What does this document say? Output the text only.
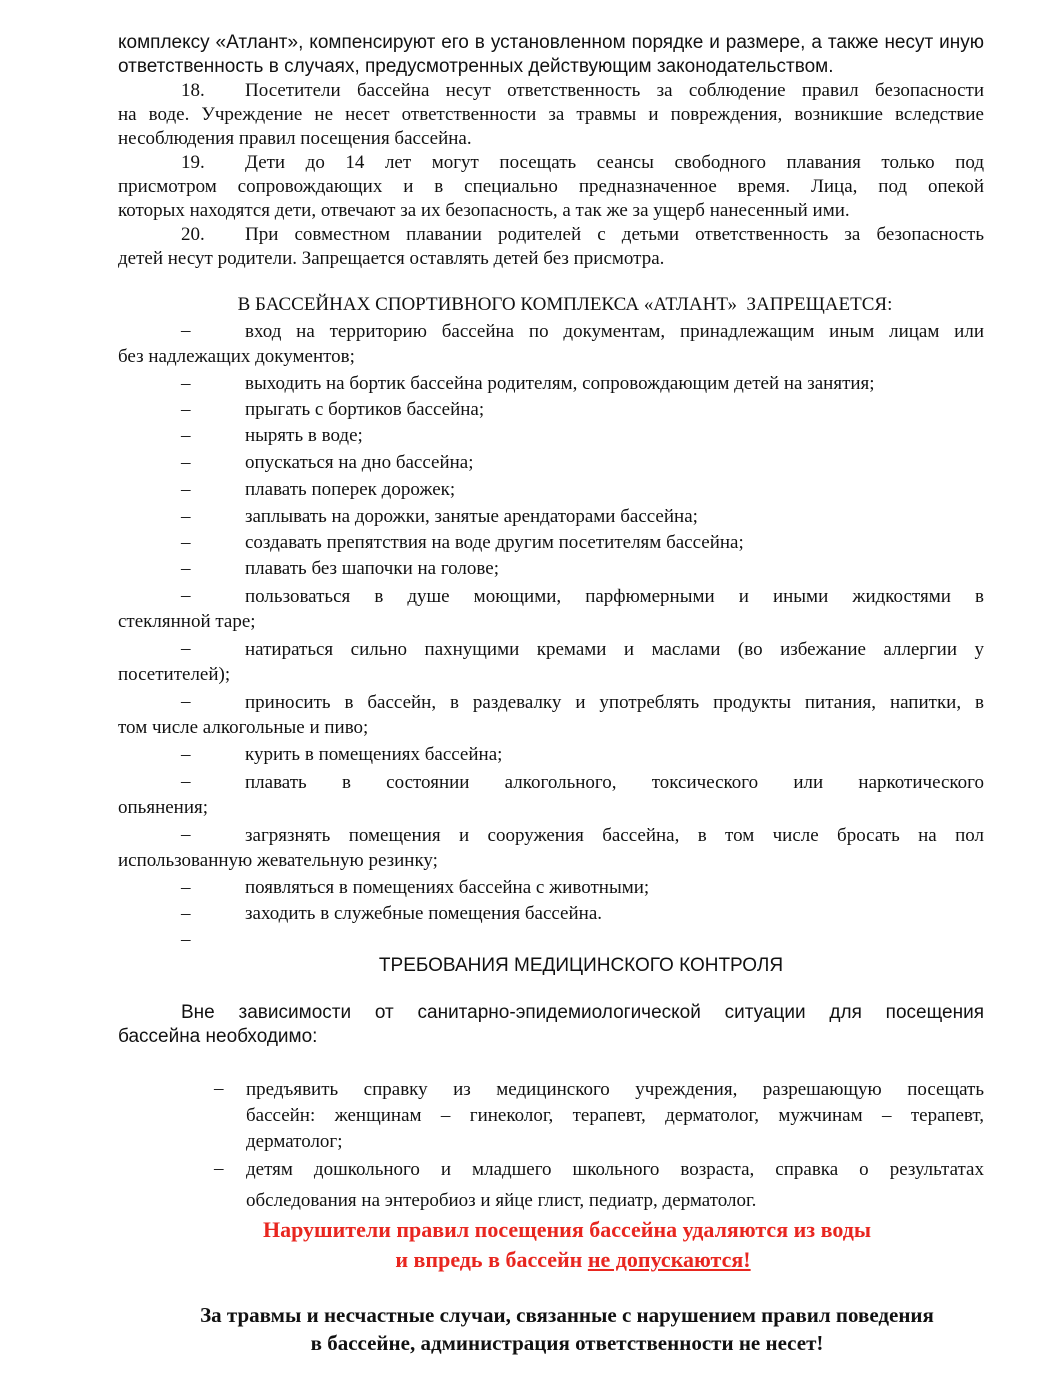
комплексу «Атлант», компенсируют его в установленном порядке и размере, а также несут иную
ответственность в случаях, предусмотренных действующим законодательством.
18. Посетители бассейна несут ответственность за соблюдение правил безопасности
на воде. Учреждение не несет ответственности за травмы и повреждения, возникшие вследствие
несоблюдения правил посещения бассейна.
19. Дети до 14 лет могут посещать сеансы свободного плавания только под
присмотром сопровождающих и в специально предназначенное время. Лица, под опекой
которых находятся дети, отвечают за их безопасность, а так же за ущерб нанесенный ими.
20. При совместном плавании родителей с детьми ответственность за безопасность
детей несут родители. Запрещается оставлять детей без присмотра.
В БАССЕЙНАХ СПОРТИВНОГО КОМПЛЕКСА «АТЛАНТ»  ЗАПРЕЩАЕТСЯ:
–	вход на территорию бассейна по документам, принадлежащим иным лицам или
без надлежащих документов;
–	выходить на бортик бассейна родителям, сопровождающим детей на занятия;
–	прыгать с бортиков бассейна;
–	нырять в воде;
–	опускаться на дно бассейна;
–	плавать поперек дорожек;
–	заплывать на дорожки, занятые арендаторами бассейна;
–	создавать препятствия на воде другим посетителям бассейна;
–	плавать без шапочки на голове;
–	пользоваться в душе моющими, парфюмерными и иными жидкостями в
стеклянной таре;
–	натираться сильно пахнущими кремами и маслами (во избежание аллергии у
посетителей);
–	приносить в бассейн, в раздевалку и употреблять продукты питания, напитки, в
том числе алкогольные и пиво;
–	курить в помещениях бассейна;
–	плавать в состоянии алкогольного, токсического или наркотического
опьянения;
–	загрязнять помещения и сооружения бассейна, в том числе бросать на пол
использованную жевательную резинку;
–	появляться в помещениях бассейна с животными;
–	заходить в служебные помещения бассейна.
–
ТРЕБОВАНИЯ МЕДИЦИНСКОГО КОНТРОЛЯ
Вне зависимости от санитарно-эпидемиологической ситуации для посещения
бассейна необходимо:
– предъявить справку из медицинского учреждения, разрешающую посещать
бассейн: женщинам – гинеколог, терапевт, дерматолог, мужчинам – терапевт,
дерматолог;
– детям дошкольного и младшего школьного возраста, справка о результатах
обследования на энтеробиоз и яйце глист, педиатр, дерматолог.
Нарушители правил посещения бассейна удаляются из воды
и впредь в бассейн не допускаются!
За травмы и несчастные случаи, связанные с нарушением правил поведения
в бассейне, администрация ответственности не несет!
